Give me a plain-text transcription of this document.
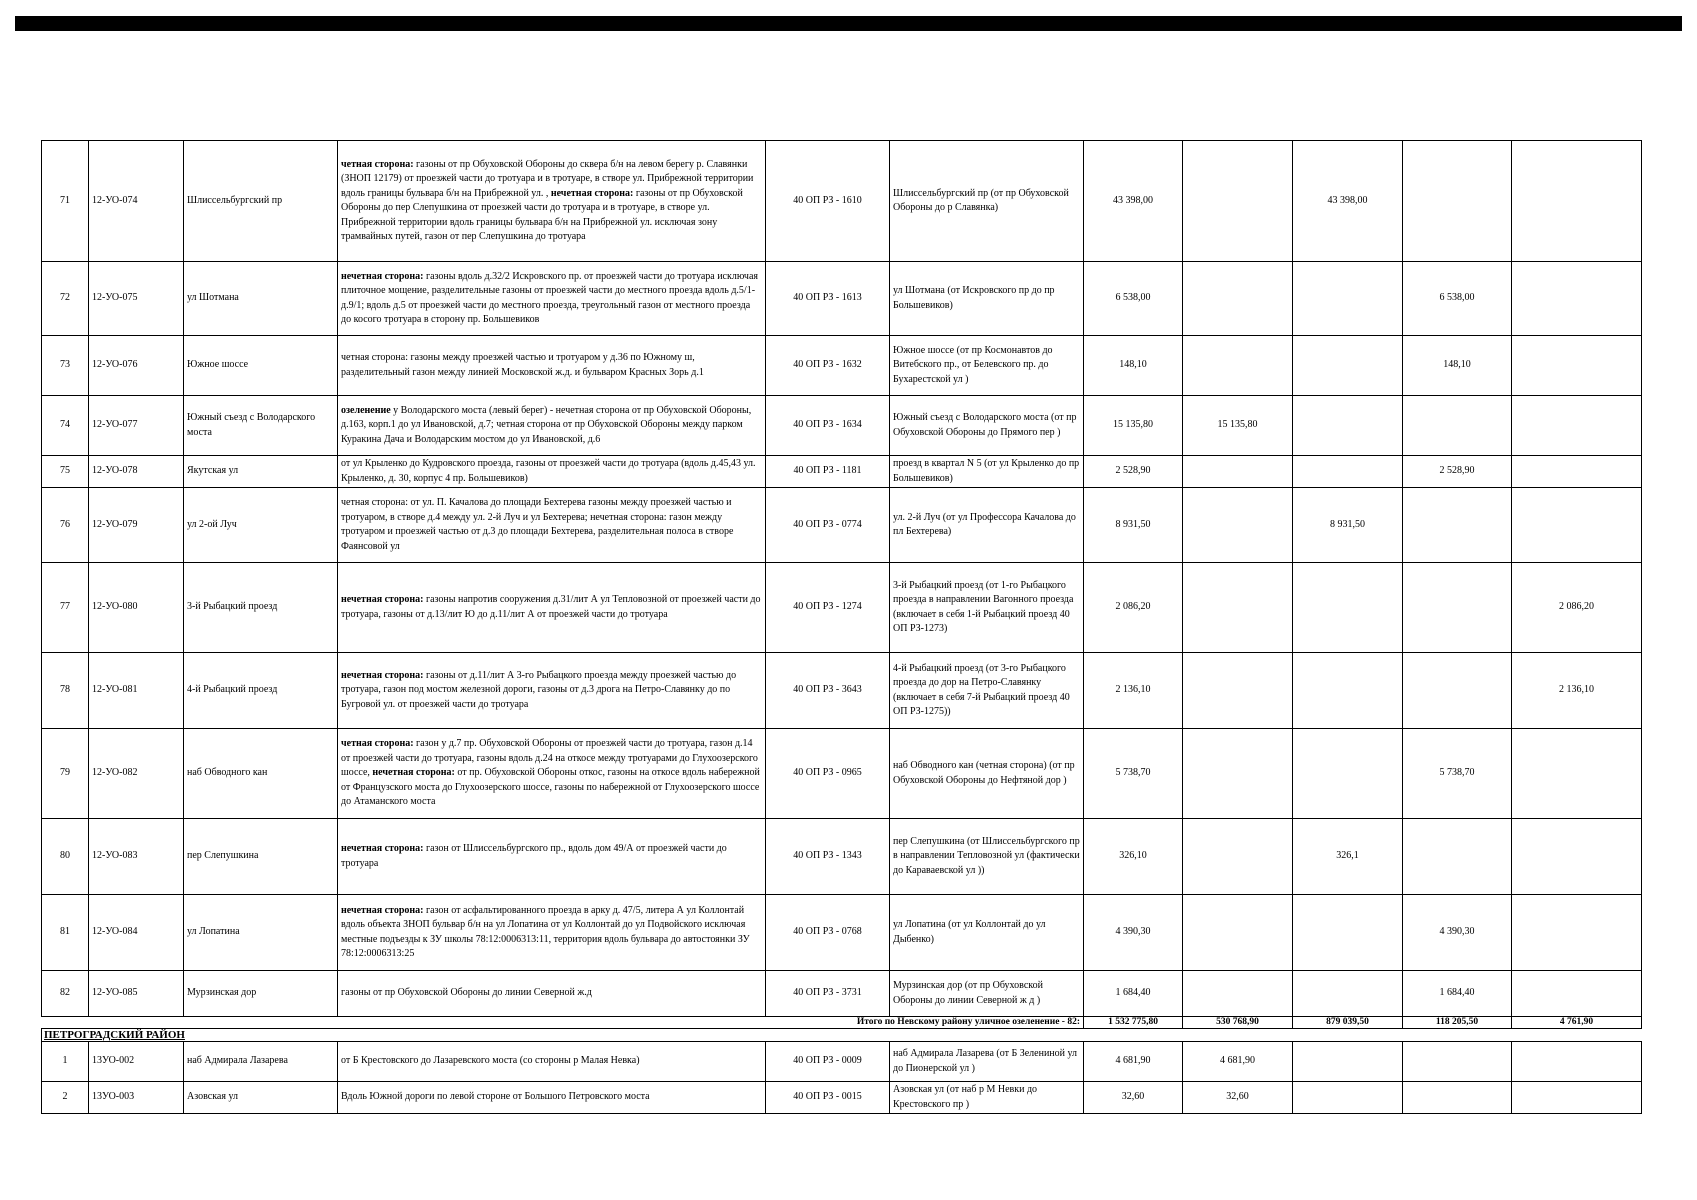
71	12-УО-074	Шлиссельбургский пр	четная сторона: газоны от пр Обуховской Обороны до сквера б/н на левом берегу р. Славянки (ЗНОП 12179) от проезжей части до тротуара и в тротуаре, в створе ул. Прибрежной территории вдоль границы бульвара б/н на Прибрежной ул. , нечетная сторона: газоны от пр Обуховской Обороны до пер Слепушкина от проезжей части до тротуара и в тротуаре, в створе ул. Прибрежной территории вдоль границы бульвара б/н на Прибрежной ул. исключая зону трамвайных путей, газон от пер Слепушкина до тротуара	40 ОП РЗ - 1610	Шлиссельбургский пр (от пр Обуховской Обороны до р Славянка)	43 398,00		43 398,00		
72	12-УО-075	ул Шотмана	нечетная сторона: газоны вдоль д.32/2 Искровского пр. от проезжей части до тротуара исключая плиточное мощение, разделительные газоны от проезжей части до местного проезда вдоль д.5/1-д.9/1; вдоль д.5 от проезжей части до местного проезда, треугольный газон от местного проезда до косого тротуара в сторону пр. Большевиков	40 ОП РЗ - 1613	ул Шотмана (от Искровского пр до пр Большевиков)	6 538,00			6 538,00	
73	12-УО-076	Южное шоссе	четная сторона: газоны между проезжей частью и тротуаром у д.36 по Южному ш, разделительный газон между линией Московской ж.д. и бульваром Красных Зорь д.1	40 ОП РЗ - 1632	Южное шоссе (от пр Космонавтов до Витебского пр., от Белевского пр. до Бухарестской ул )	148,10			148,10	
74	12-УО-077	Южный съезд с Володарского моста	озеленение у Володарского моста (левый берег) - нечетная сторона от пр Обуховской Обороны, д.163, корп.1 до ул Ивановской, д.7; четная сторона от пр Обуховской Обороны между парком Куракина Дача и Володарским мостом до ул Ивановской, д.6	40 ОП РЗ - 1634	Южный съезд с Володарского моста (от пр Обуховской Обороны до Прямого пер )	15 135,80	15 135,80			
75	12-УО-078	Якутская ул	от ул Крыленко до Кудровского проезда, газоны от проезжей части до тротуара (вдоль д.45,43 ул. Крыленко, д. 30, корпус 4 пр. Большевиков)	40 ОП РЗ - 1181	проезд в квартал N 5 (от ул Крыленко до пр Большевиков)	2 528,90			2 528,90	
76	12-УО-079	ул 2-ой Луч	четная сторона: от ул. П. Качалова до площади Бехтерева газоны между проезжей частью и тротуаром, в створе д.4 между ул. 2-й Луч и ул Бехтерева; нечетная сторона: газон между тротуаром и проезжей частью от д.3 до площади Бехтерева, разделительная полоса в створе Фаянсовой ул	40 ОП РЗ - 0774	ул. 2-й Луч (от ул Профессора Качалова до пл Бехтерева)	8 931,50		8 931,50		
77	12-УО-080	3-й Рыбацкий проезд	нечетная сторона: газоны напротив сооружения д.31/лит А ул Тепловозной от проезжей части до тротуара, газоны от д.13/лит Ю до д.11/лит А от проезжей части до тротуара	40 ОП РЗ - 1274	3-й Рыбацкий проезд (от 1-го Рыбацкого проезда в направлении Вагонного проезда (включает в себя 1-й Рыбацкий проезд 40 ОП РЗ-1273)	2 086,20				2 086,20
78	12-УО-081	4-й Рыбацкий проезд	нечетная сторона: газоны от д.11/лит А 3-го Рыбацкого проезда между проезжей частью до тротуара, газон под мостом железной дороги, газоны от д.3 дрога на Петро-Славянку до по Бугровой ул. от проезжей части до тротуара	40 ОП РЗ - 3643	4-й Рыбацкий проезд (от 3-го Рыбацкого проезда до дор на Петро-Славянку (включает в себя 7-й Рыбацкий проезд 40 ОП РЗ-1275))	2 136,10				2 136,10
79	12-УО-082	наб Обводного кан	четная сторона: газон у д.7 пр. Обуховской Обороны от проезжей части до тротуара, газон д.14 от проезжей части до тротуара, газоны вдоль д.24 на откосе между тротуарами до Глухоозерского шоссе, нечетная сторона: от пр. Обуховской Обороны откос, газоны на откосе вдоль набережной от Французского моста до Глухоозерского шоссе, газоны по набережной от Глухоозерского шоссе до Атаманского моста	40 ОП РЗ - 0965	наб Обводного кан (четная сторона) (от пр Обуховской Обороны до Нефтяной дор )	5 738,70			5 738,70	
80	12-УО-083	пер Слепушкина	нечетная сторона: газон от Шлиссельбургского пр., вдоль дом 49/А от проезжей части до тротуара	40 ОП РЗ - 1343	пер Слепушкина (от Шлиссельбургского пр в направлении Тепловозной ул (фактически до Караваевской ул ))	326,10		326,1		
81	12-УО-084	ул Лопатина	нечетная сторона: газон от асфальтированного проезда в арку д. 47/5, литера А ул Коллонтай вдоль объекта ЗНОП бульвар б/н на ул Лопатина от ул Коллонтай до ул Подвойского исключая местные подъезды к ЗУ школы 78:12:0006313:11, территория вдоль бульвара до автостоянки ЗУ 78:12:0006313:25	40 ОП РЗ - 0768	ул Лопатина (от ул Коллонтай до ул Дыбенко)	4 390,30			4 390,30	
82	12-УО-085	Мурзинская дор	газоны от пр Обуховской Обороны до линии Северной ж.д	40 ОП РЗ - 3731	Мурзинская дор (от пр Обуховской Обороны до линии Северной ж д )	1 684,40			1 684,40	
Итого по Невскому району уличное озеленение - 82:						1 532 775,80	530 768,90	879 039,50	118 205,50	4 761,90
ПЕТРОГРАДСКИЙ РАЙОН										
1	13УО-002	наб Адмирала Лазарева	от Б Крестовского до Лазаревского моста (со стороны р Малая Невка)	40 ОП РЗ - 0009	наб Адмирала Лазарева (от Б Зелениной ул до Пионерской ул )	4 681,90	4 681,90			
2	13УО-003	Азовская ул	Вдоль Южной дороги по левой стороне от Большого Петровского моста	40 ОП РЗ - 0015	Азовская ул (от наб р М Невки до Крестовского пр )	32,60	32,60			
